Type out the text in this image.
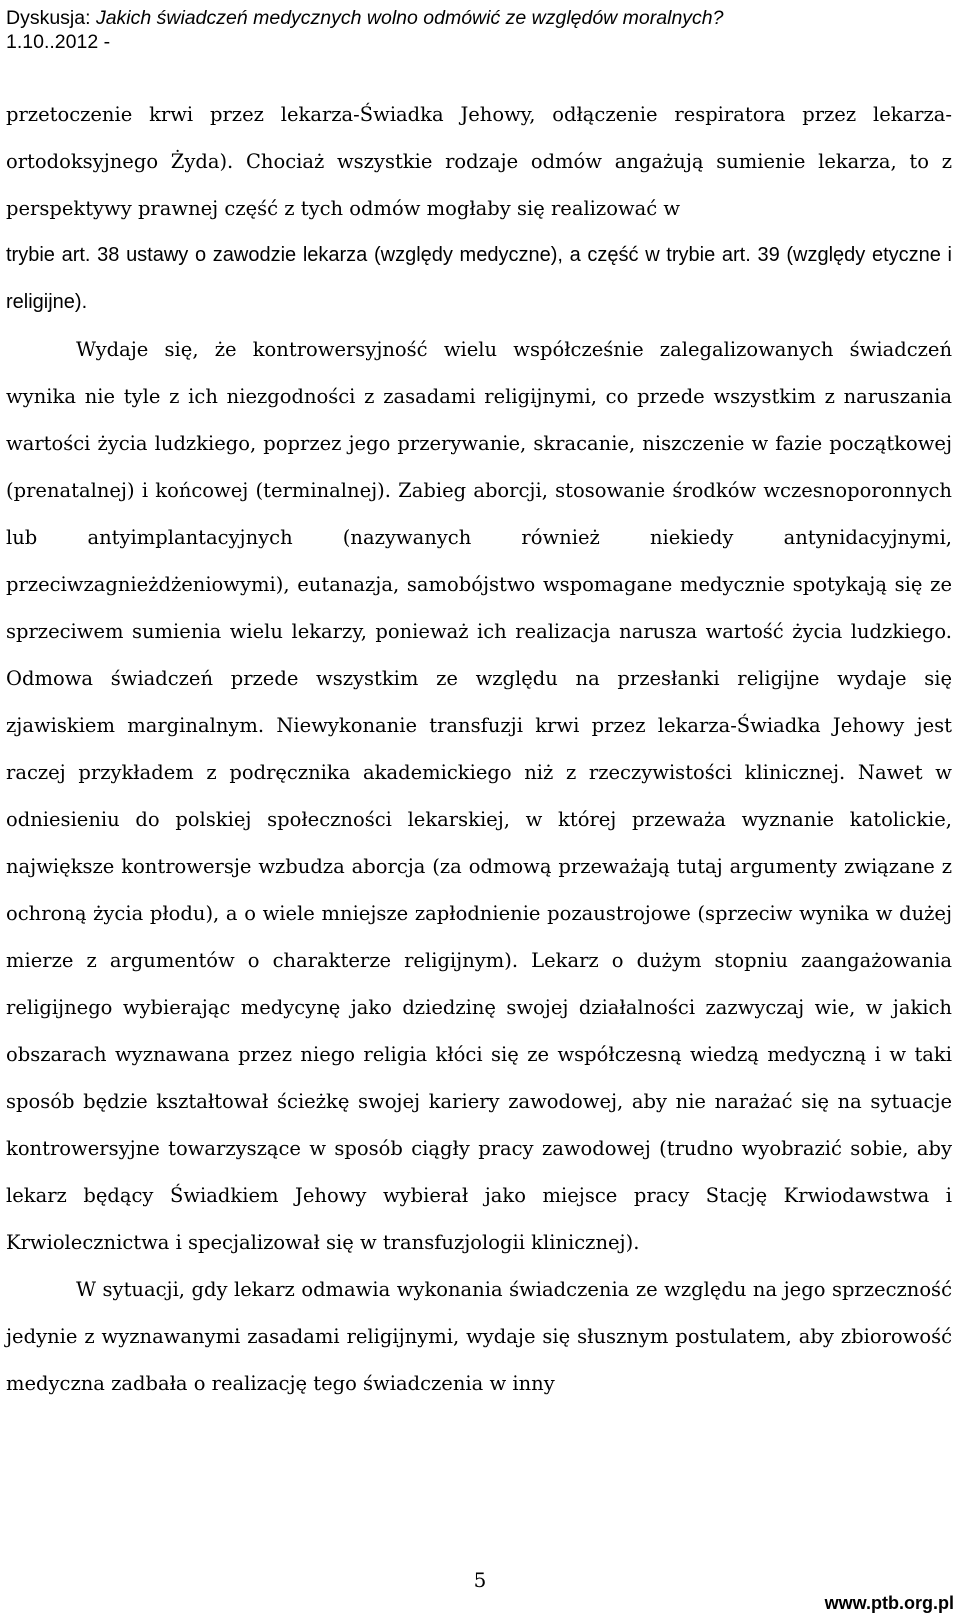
Dyskusja: Jakich świadczeń medycznych wolno odmówić ze względów moralnych?
1.10..2012 -

przetoczenie krwi przez lekarza-Świadka Jehowy, odłączenie respiratora przez lekarza-ortodoksyjnego Żyda). Chociaż wszystkie rodzaje odmów angażują sumienie lekarza, to z perspektywy prawnej część z tych odmów mogłaby się realizować w

trybie art. 38 ustawy o zawodzie lekarza (względy medyczne), a część w trybie art. 39 (względy etyczne i religijne).

Wydaje się, że kontrowersyjność wielu współcześnie zalegalizowanych świadczeń wynika nie tyle z ich niezgodności z zasadami religijnymi, co przede wszystkim z naruszania wartości życia ludzkiego, poprzez jego przerywanie, skracanie, niszczenie w fazie początkowej (prenatalnej) i końcowej (terminalnej). Zabieg aborcji, stosowanie środków wczesnoporonnych lub antyimplantacyjnych (nazywanych również niekiedy antynidacyjnymi, przeciwzagnieżdżeniowymi), eutanazja, samobójstwo wspomagane medycznie spotykają się ze sprzeciwem sumienia wielu lekarzy, ponieważ ich realizacja narusza wartość życia ludzkiego. Odmowa świadczeń przede wszystkim ze względu na przesłanki religijne wydaje się zjawiskiem marginalnym. Niewykonanie transfuzji krwi przez lekarza-Świadka Jehowy jest raczej przykładem z podręcznika akademickiego niż z rzeczywistości klinicznej. Nawet w odniesieniu do polskiej społeczności lekarskiej, w której przeważa wyznanie katolickie, największe kontrowersje wzbudza aborcja (za odmową przeważają tutaj argumenty związane z ochroną życia płodu), a o wiele mniejsze zapłodnienie pozaustrojowe (sprzeciw wynika w dużej mierze z argumentów o charakterze religijnym). Lekarz o dużym stopniu zaangażowania religijnego wybierając medycynę jako dziedzinę swojej działalności zazwyczaj wie, w jakich obszarach wyznawana przez niego religia kłóci się ze współczesną wiedzą medyczną i w taki sposób będzie kształtował ścieżkę swojej kariery zawodowej, aby nie narażać się na sytuacje kontrowersyjne towarzyszące w sposób ciągły pracy zawodowej (trudno wyobrazić sobie, aby lekarz będący Świadkiem Jehowy wybierał jako miejsce pracy Stację Krwiodawstwa i Krwiolecznictwa i specjalizował się w transfuzjologii klinicznej).

W sytuacji, gdy lekarz odmawia wykonania świadczenia ze względu na jego sprzeczność jedynie z wyznawanymi zasadami religijnymi, wydaje się słusznym postulatem, aby zbiorowość medyczna zadbała o realizację tego świadczenia w inny

5
www.ptb.org.pl
